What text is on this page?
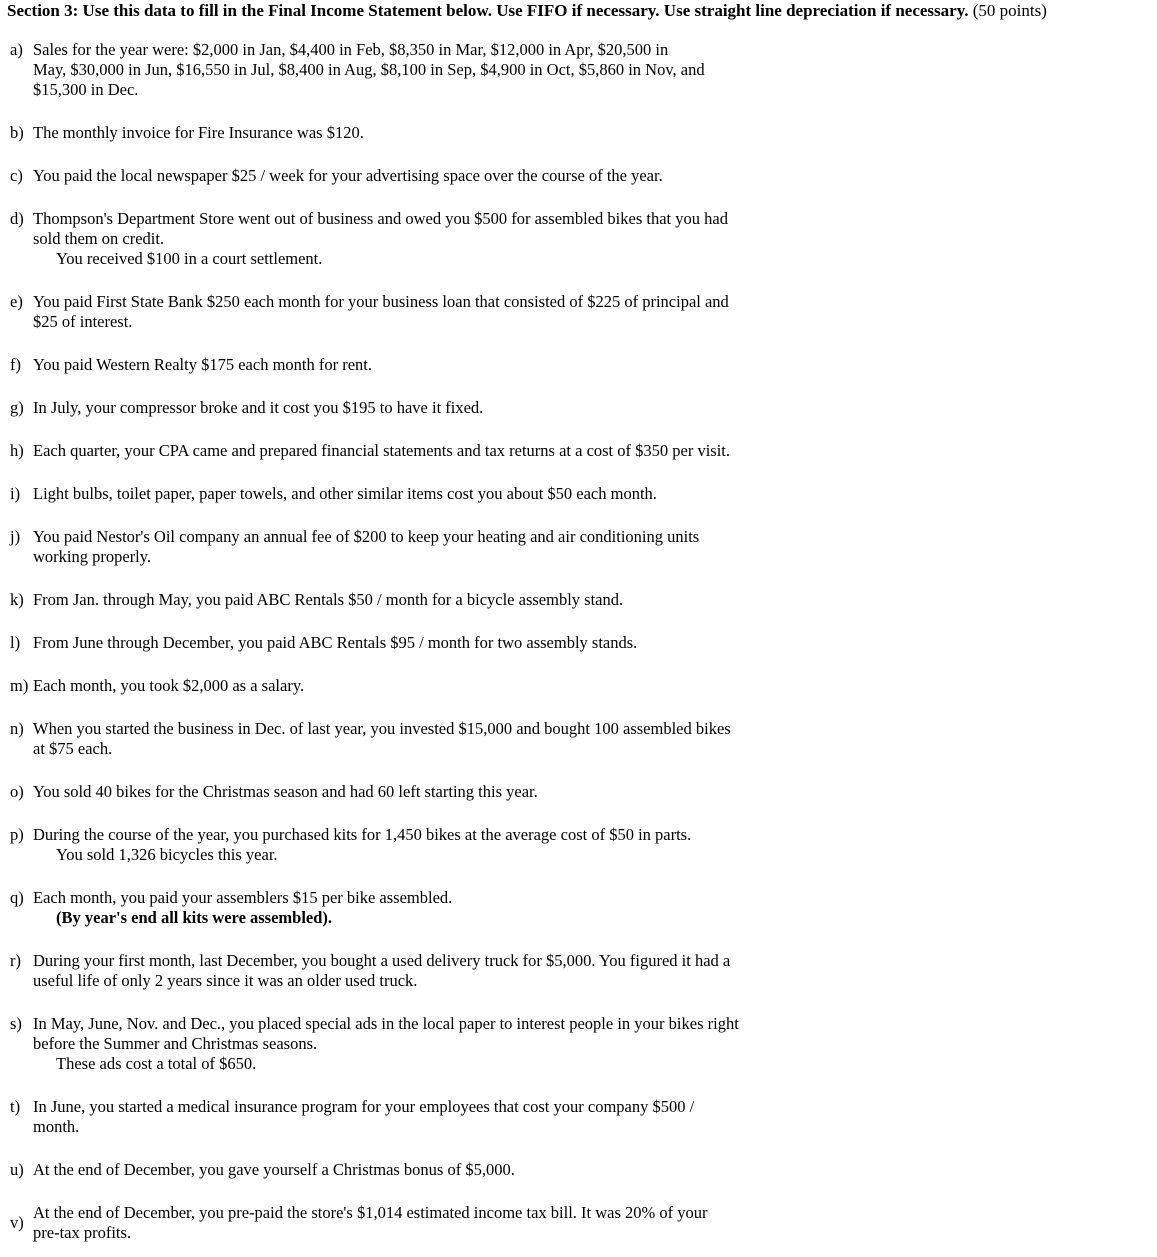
Section 3: Use this data to fill in the Final Income Statement below. Use FIFO if necessary. Use straight line depreciation if necessary. (50 points)
a) Sales for the year were: $2,000 in Jan, $4,400 in Feb, $8,350 in Mar, $12,000 in Apr, $20,500 in
May, $30,000 in Jun, $16,550 in Jul, $8,400 in Aug, $8,100 in Sep, $4,900 in Oct, $5,860 in Nov, and
$15,300 in Dec.
b) The monthly invoice for Fire Insurance was $120.
c) You paid the local newspaper $25 / week for your advertising space over the course of the year.
d) Thompson's Department Store went out of business and owed you $500 for assembled bikes that you had
sold them on credit.
You received $100 in a court settlement.
e) You paid First State Bank $250 each month for your business loan that consisted of $225 of principal and
$25 of interest.
f) You paid Western Realty $175 each month for rent.
g) In July, your compressor broke and it cost you $195 to have it fixed.
h) Each quarter, your CPA came and prepared financial statements and tax returns at a cost of $350 per visit.
i) Light bulbs, toilet paper, paper towels, and other similar items cost you about $50 each month.
j) You paid Nestor's Oil company an annual fee of $200 to keep your heating and air conditioning units
working properly.
k) From Jan. through May, you paid ABC Rentals $50 / month for a bicycle assembly stand.
l) From June through December, you paid ABC Rentals $95 / month for two assembly stands.
m) Each month, you took $2,000 as a salary.
n) When you started the business in Dec. of last year, you invested $15,000 and bought 100 assembled bikes
at $75 each.
o) You sold 40 bikes for the Christmas season and had 60 left starting this year.
p) During the course of the year, you purchased kits for 1,450 bikes at the average cost of $50 in parts.
You sold 1,326 bicycles this year.
q) Each month, you paid your assemblers $15 per bike assembled.
(By year's end all kits were assembled).
r) During your first month, last December, you bought a used delivery truck for $5,000. You figured it had a
useful life of only 2 years since it was an older used truck.
s) In May, June, Nov. and Dec., you placed special ads in the local paper to interest people in your bikes right
before the Summer and Christmas seasons.
These ads cost a total of $650.
t) In June, you started a medical insurance program for your employees that cost your company $500 /
month.
u) At the end of December, you gave yourself a Christmas bonus of $5,000.
v)
At the end of December, you pre-paid the store's $1,014 estimated income tax bill. It was 20% of your
pre-tax profits.
